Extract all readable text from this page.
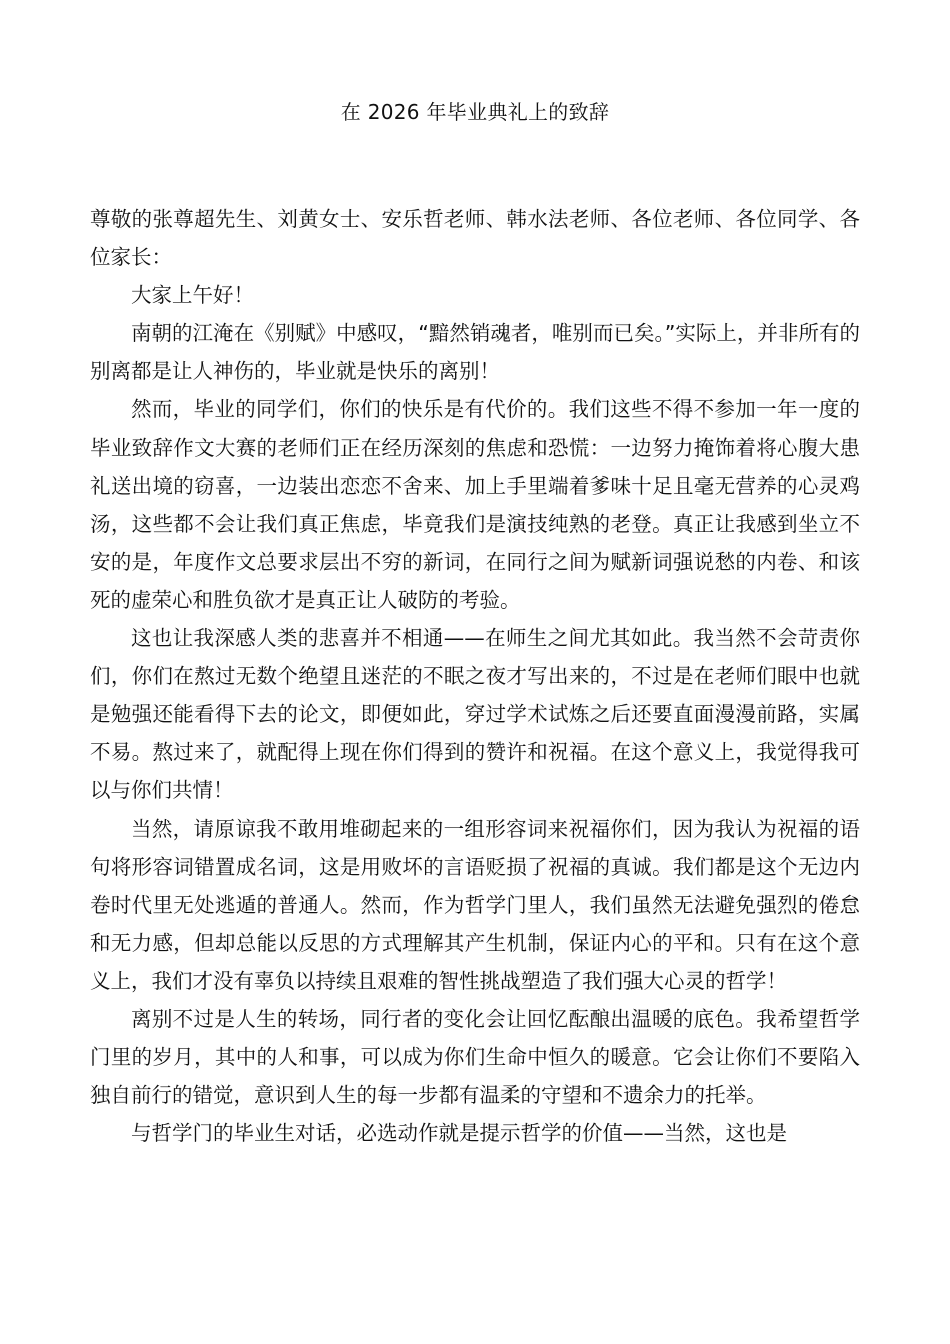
在 2026 年毕业典礼上的致辞

尊敬的张尊超先生、刘黄女士、安乐哲老师、韩水法老师、各位老师、各位同学、各位家长：

大家上午好！

南朝的江淹在《别赋》中感叹，“黯然销魂者，唯别而已矣。”实际上，并非所有的别离都是让人神伤的，毕业就是快乐的离别！

然而，毕业的同学们，你们的快乐是有代价的。我们这些不得不参加一年一度的毕业致辞作文大赛的老师们正在经历深刻的焦虑和恐慌：一边努力掩饰着将心腹大患礼送出境的窃喜，一边装出恋恋不舍来、加上手里端着爹味十足且毫无营养的心灵鸡汤，这些都不会让我们真正焦虑，毕竟我们是演技纯熟的老登。真正让我感到坐立不安的是，年度作文总要求层出不穷的新词，在同行之间为赋新词强说愁的内卷、和该死的虚荣心和胜负欲才是真正让人破防的考验。

这也让我深感人类的悲喜并不相通——在师生之间尤其如此。我当然不会苛责你们，你们在熬过无数个绝望且迷茫的不眠之夜才写出来的，不过是在老师们眼中也就是勉强还能看得下去的论文，即便如此，穿过学术试炼之后还要直面漫漫前路，实属不易。熬过来了，就配得上现在你们得到的赞许和祝福。在这个意义上，我觉得我可以与你们共情！

当然，请原谅我不敢用堆砌起来的一组形容词来祝福你们，因为我认为祝福的语句将形容词错置成名词，这是用败坏的言语贬损了祝福的真诚。我们都是这个无边内卷时代里无处逃遁的普通人。然而，作为哲学门里人，我们虽然无法避免强烈的倦怠和无力感，但却总能以反思的方式理解其产生机制，保证内心的平和。只有在这个意义上，我们才没有辜负以持续且艰难的智性挑战塑造了我们强大心灵的哲学！

离别不过是人生的转场，同行者的变化会让回忆酝酿出温暖的底色。我希望哲学门里的岁月，其中的人和事，可以成为你们生命中恒久的暖意。它会让你们不要陷入独自前行的错觉，意识到人生的每一步都有温柔的守望和不遗余力的托举。

与哲学门的毕业生对话，必选动作就是提示哲学的价值——当然，这也是
